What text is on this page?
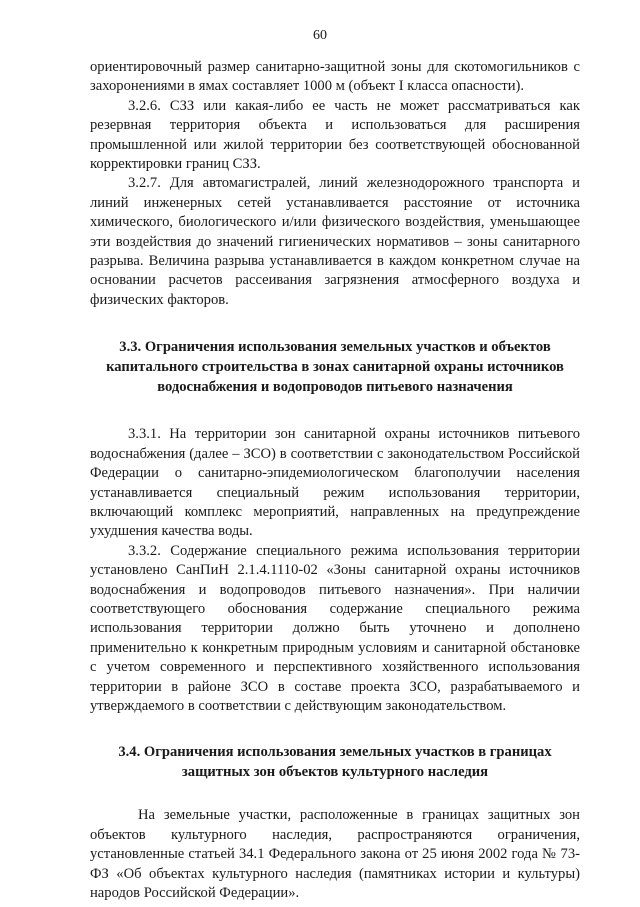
60

ориентировочный размер санитарно-защитной зоны для скотомогильников с захоронениями в ямах составляет 1000 м (объект I класса опасности).

3.2.6. СЗЗ или какая-либо ее часть не может рассматриваться как резервная территория объекта и использоваться для расширения промышленной или жилой территории без соответствующей обоснованной корректировки границ СЗЗ.

3.2.7. Для автомагистралей, линий железнодорожного транспорта и линий инженерных сетей устанавливается расстояние от источника химического, биологического и/или физического воздействия, уменьшающее эти воздействия до значений гигиенических нормативов – зоны санитарного разрыва. Величина разрыва устанавливается в каждом конкретном случае на основании расчетов рассеивания загрязнения атмосферного воздуха и физических факторов.

3.3. Ограничения использования земельных участков и объектов капитального строительства в зонах санитарной охраны источников водоснабжения и водопроводов питьевого назначения

3.3.1. На территории зон санитарной охраны источников питьевого водоснабжения (далее – ЗСО) в соответствии с законодательством Российской Федерации о санитарно-эпидемиологическом благополучии населения устанавливается специальный режим использования территории, включающий комплекс мероприятий, направленных на предупреждение ухудшения качества воды.

3.3.2. Содержание специального режима использования территории установлено СанПиН 2.1.4.1110-02 «Зоны санитарной охраны источников водоснабжения и водопроводов питьевого назначения». При наличии соответствующего обоснования содержание специального режима использования территории должно быть уточнено и дополнено применительно к конкретным природным условиям и санитарной обстановке с учетом современного и перспективного хозяйственного использования территории в районе ЗСО в составе проекта ЗСО, разрабатываемого и утверждаемого в соответствии с действующим законодательством.

3.4. Ограничения использования земельных участков в границах защитных зон объектов культурного наследия

На земельные участки, расположенные в границах защитных зон объектов культурного наследия, распространяются ограничения, установленные статьей 34.1 Федерального закона от 25 июня 2002 года № 73-ФЗ «Об объектах культурного наследия (памятниках истории и культуры) народов Российской Федерации».
